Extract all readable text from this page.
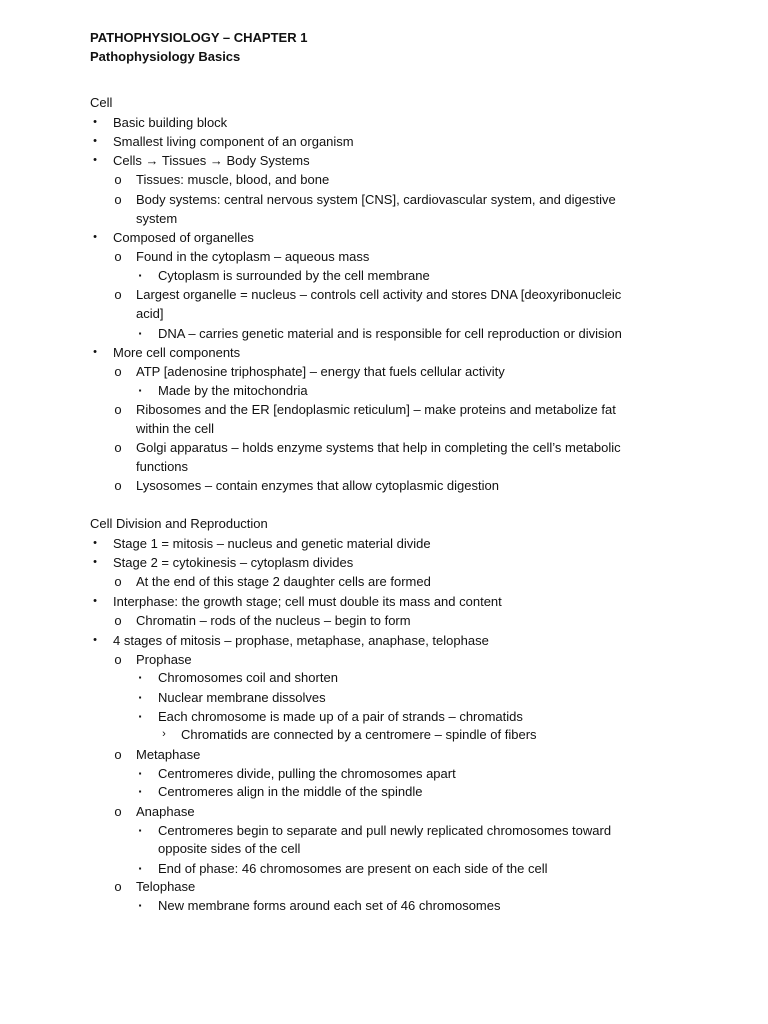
PATHOPHYSIOLOGY – CHAPTER 1
Pathophysiology Basics
Cell
•	Basic building block
•	Smallest living component of an organism
•	Cells → Tissues → Body Systems
o Tissues: muscle, blood, and bone
o Body systems: central nervous system [CNS], cardiovascular system, and digestive
system
•	Composed of organelles
o Found in the cytoplasm – aqueous mass
▪	Cytoplasm is surrounded by the cell membrane
o Largest organelle = nucleus – controls cell activity and stores DNA [deoxyribonucleic
acid]
▪	DNA – carries genetic material and is responsible for cell reproduction or division
•	More cell components
o ATP [adenosine triphosphate] – energy that fuels cellular activity
▪	Made by the mitochondria
o Ribosomes and the ER [endoplasmic reticulum] – make proteins and metabolize fat
within the cell
o Golgi apparatus – holds enzyme systems that help in completing the cell’s metabolic
functions
o Lysosomes – contain enzymes that allow cytoplasmic digestion
Cell Division and Reproduction
•	Stage 1 = mitosis – nucleus and genetic material divide
•	Stage 2 = cytokinesis – cytoplasm divides
o At the end of this stage 2 daughter cells are formed
•	Interphase: the growth stage; cell must double its mass and content
o Chromatin – rods of the nucleus – begin to form
•	4 stages of mitosis – prophase, metaphase, anaphase, telophase
o Prophase
▪	Chromosomes coil and shorten
▪	Nuclear membrane dissolves
▪	Each chromosome is made up of a pair of strands – chromatids
›	Chromatids are connected by a centromere – spindle of fibers
o Metaphase
▪	Centromeres divide, pulling the chromosomes apart
▪	Centromeres align in the middle of the spindle
o Anaphase
▪	Centromeres begin to separate and pull newly replicated chromosomes toward
opposite sides of the cell
▪	End of phase: 46 chromosomes are present on each side of the cell
o Telophase
▪	New membrane forms around each set of 46 chromosomes
